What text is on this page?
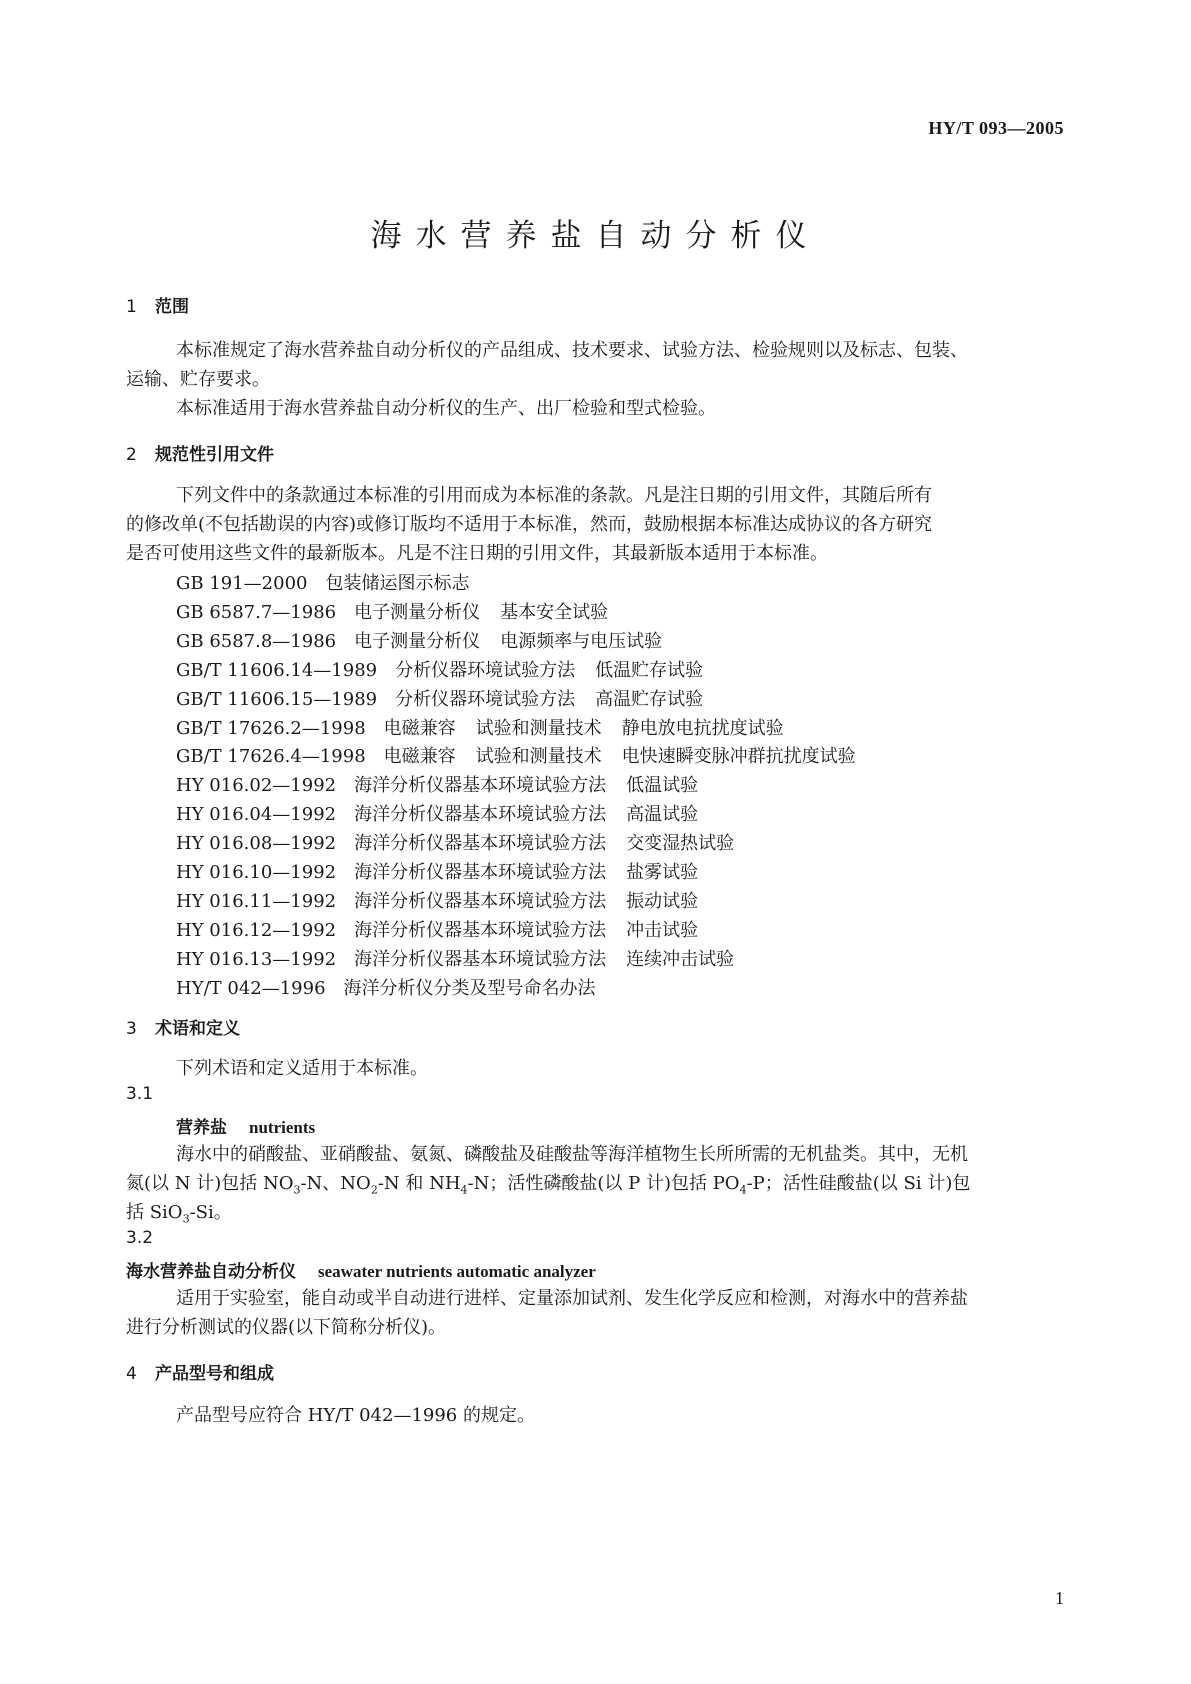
HY/T 093—2005
海水营养盐自动分析仪
1 范围
本标准规定了海水营养盐自动分析仪的产品组成、技术要求、试验方法、检验规则以及标志、包装、
运输、贮存要求。
本标准适用于海水营养盐自动分析仪的生产、出厂检验和型式检验。
2 规范性引用文件
下列文件中的条款通过本标准的引用而成为本标准的条款。凡是注日期的引用文件，其随后所有
的修改单(不包括勘误的内容)或修订版均不适用于本标准，然而，鼓励根据本标准达成协议的各方研究
是否可使用这些文件的最新版本。凡是不注日期的引用文件，其最新版本适用于本标准。
GB 191—2000 包装储运图示标志
GB 6587.7—1986 电子测量分析仪 基本安全试验
GB 6587.8—1986 电子测量分析仪 电源频率与电压试验
GB/T 11606.14—1989 分析仪器环境试验方法 低温贮存试验
GB/T 11606.15—1989 分析仪器环境试验方法 高温贮存试验
GB/T 17626.2—1998 电磁兼容 试验和测量技术 静电放电抗扰度试验
GB/T 17626.4—1998 电磁兼容 试验和测量技术 电快速瞬变脉冲群抗扰度试验
HY 016.02—1992 海洋分析仪器基本环境试验方法 低温试验
HY 016.04—1992 海洋分析仪器基本环境试验方法 高温试验
HY 016.08—1992 海洋分析仪器基本环境试验方法 交变湿热试验
HY 016.10—1992 海洋分析仪器基本环境试验方法 盐雾试验
HY 016.11—1992 海洋分析仪器基本环境试验方法 振动试验
HY 016.12—1992 海洋分析仪器基本环境试验方法 冲击试验
HY 016.13—1992 海洋分析仪器基本环境试验方法 连续冲击试验
HY/T 042—1996 海洋分析仪分类及型号命名办法
3 术语和定义
下列术语和定义适用于本标准。
3.1
营养盐 nutrients
海水中的硝酸盐、亚硝酸盐、氨氮、磷酸盐及硅酸盐等海洋植物生长所所需的无机盐类。其中，无机
氮(以 N 计)包括 $NO_3-N$、$NO_2-N$ 和 $NH_4-N$；活性磷酸盐(以 P 计)包括 $PO_4-P$；活性硅酸盐(以 Si 计)包
括 SiO$_3$-Si。
3.2
海水营养盐自动分析仪 seawater nutrients automatic analyzer
适用于实验室，能自动或半自动进行进样、定量添加试剂、发生化学反应和检测，对海水中的营养盐
进行分析测试的仪器(以下简称分析仪)。
4 产品型号和组成
产品型号应符合 HY/T 042—1996 的规定。
1
